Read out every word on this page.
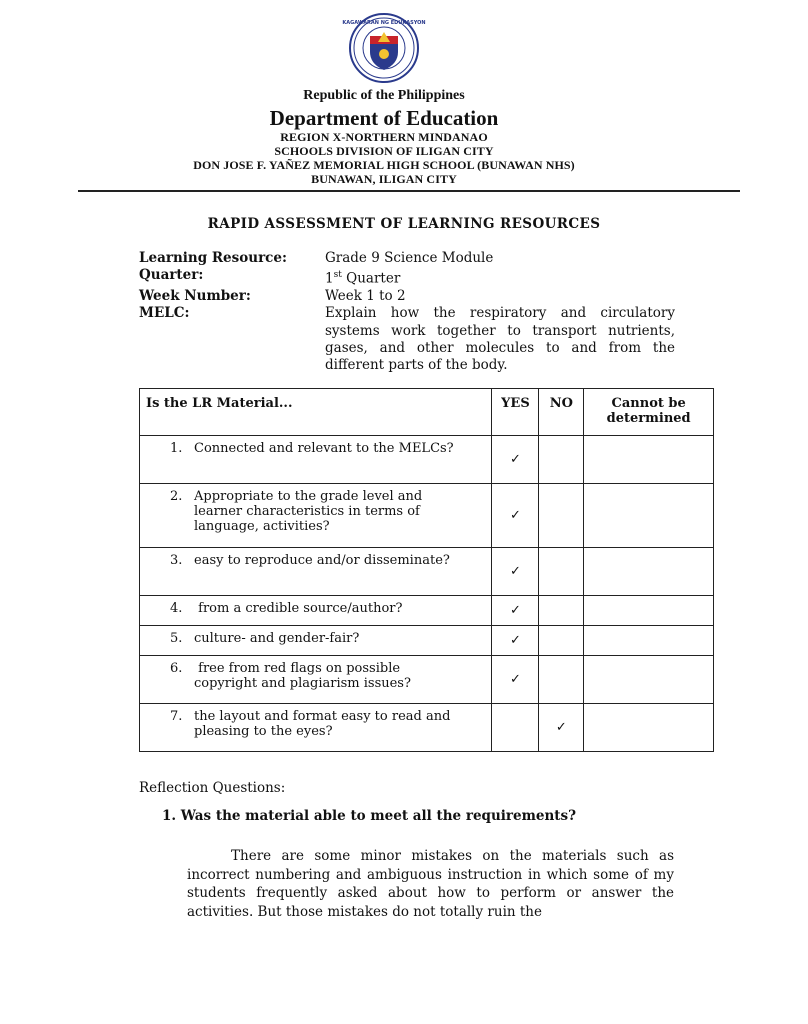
KAGAWARAN NG EDUKASYON
Republic of the Philippines
Department of Education
REGION X-NORTHERN MINDANAO
SCHOOLS DIVISION OF ILIGAN CITY
DON JOSE F. YAÑEZ MEMORIAL HIGH SCHOOL (BUNAWAN NHS)
BUNAWAN, ILIGAN CITY
RAPID ASSESSMENT OF LEARNING RESOURCES
Learning Resource:	Grade 9 Science Module
Quarter:	1st Quarter
Week Number:	Week 1 to 2
MELC:	Explain how the respiratory and circulatory systems work together to transport nutrients, gases, and other molecules to and from the different parts of the body.
Is the LR Material...	YES	NO	Cannot be determined
1. Connected and relevant to the MELCs?	✓		
2. Appropriate to the grade level and learner characteristics in terms of language, activities?	✓		
3. easy to reproduce and/or disseminate?	✓		
4. from a credible source/author?	✓		
5. culture- and gender-fair?	✓		
6. free from red flags on possible copyright and plagiarism issues?	✓		
7. the layout and format easy to read and pleasing to the eyes?		✓	
Reflection Questions:
1. Was the material able to meet all the requirements?
There are some minor mistakes on the materials such as incorrect numbering and ambiguous instruction in which some of my students frequently asked about how to perform or answer the activities. But those mistakes do not totally ruin the
